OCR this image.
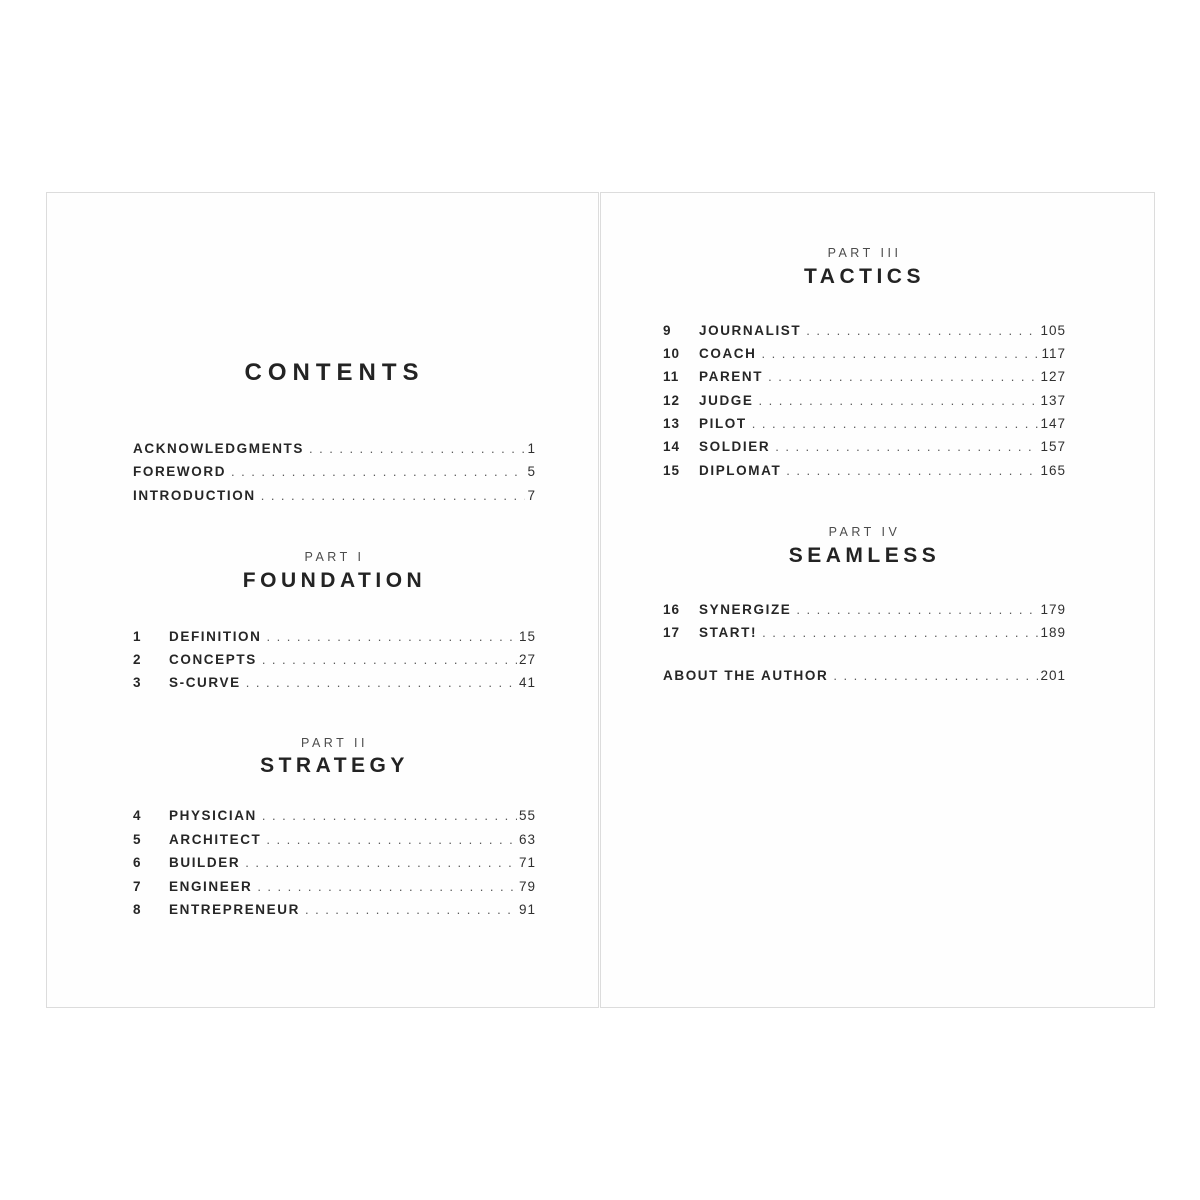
CONTENTS
ACKNOWLEDGMENTS .....	1
FOREWORD .....	5
INTRODUCTION .....	7
PART I
FOUNDATION
1	DEFINITION .....	15
2	CONCEPTS .....	27
3	S-CURVE .....	41
PART II
STRATEGY
4	PHYSICIAN .....	55
5	ARCHITECT .....	63
6	BUILDER .....	71
7	ENGINEER .....	79
8	ENTREPRENEUR .....	91
PART III
TACTICS
9	JOURNALIST .....	105
10	COACH .....	117
11	PARENT .....	127
12	JUDGE .....	137
13	PILOT .....	147
14	SOLDIER .....	157
15	DIPLOMAT .....	165
PART IV
SEAMLESS
16	SYNERGIZE .....	179
17	START! .....	189
ABOUT THE AUTHOR .....	201
